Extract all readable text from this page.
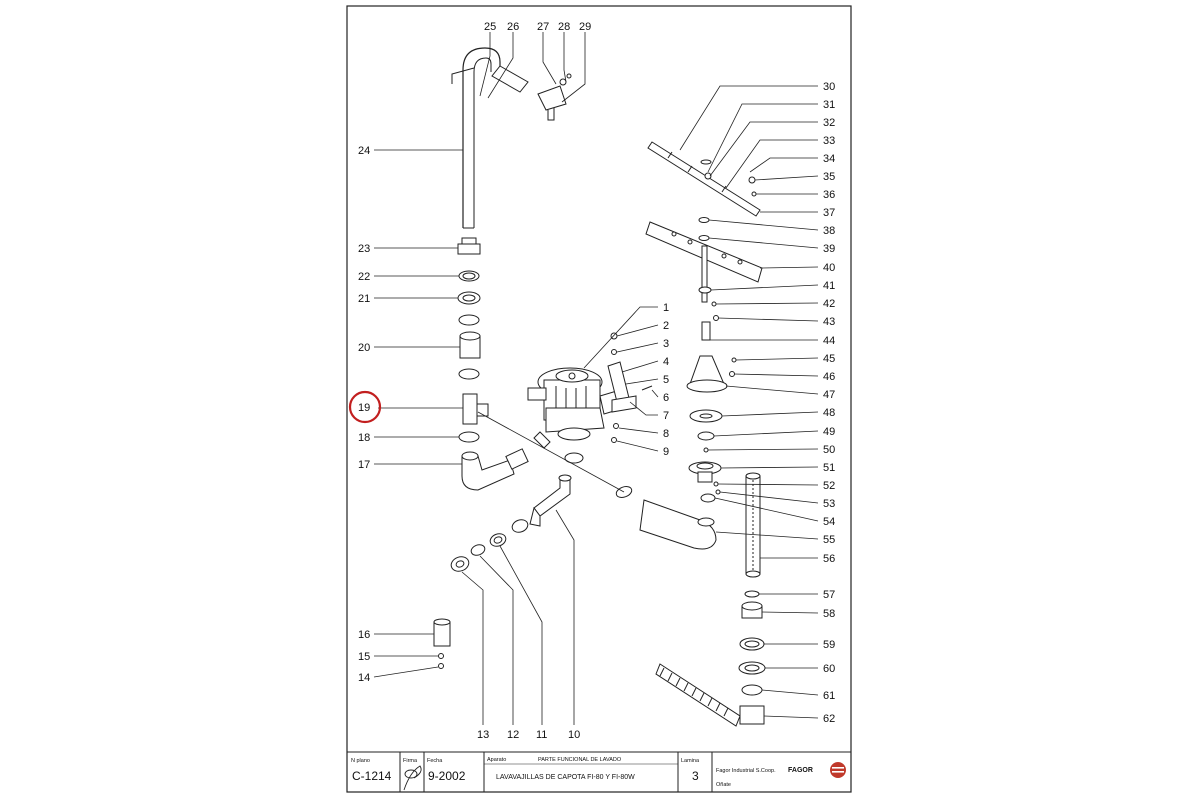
25 26 27 28 29
24
23
22
21
20
19
18
17
16
15
14
13 12 11 10
1
2
3
4
5
6
7
8
9
30
31
32
33
34
35
36
37
38
39
40
41
42
43
44
45
46
47
48
49
50
51
52
53
54
55
56
57
58
59
60
61
62
N plano
C-1214
Firma Fecha
9-2002
Aparato	PARTE FUNCIONAL DE LAVADO
LAVAVAJILLAS DE CAPOTA FI-80 Y FI-80W
Lamina
3	Fagor Industrial S.Coop.
Oñate
FAGOR
